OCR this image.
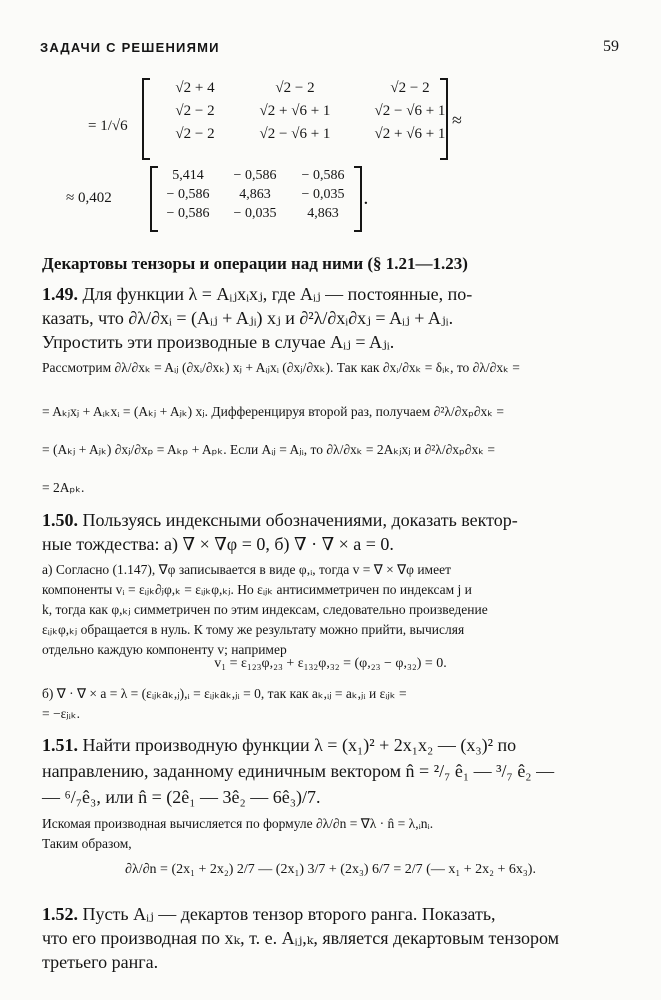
ЗАДАЧИ С РЕШЕНИЯМИ	59
= 1/√6
√2 + 4	√2 − 2	√2 − 2
√2 − 2	√2 + √6 + 1	√2 − √6 + 1
√2 − 2	√2 − √6 + 1	√2 + √6 + 1
≈
≈ 0,402
5,414	− 0,586	− 0,586
− 0,586	4,863	− 0,035
− 0,586	− 0,035	4,863
.
Декартовы тензоры и операции над ними (§ 1.21—1.23)
1.49. Для функции λ = Aᵢⱼxᵢxⱼ, где Aᵢⱼ — постоянные, по-
казать, что ∂λ/∂xᵢ = (Aᵢⱼ + Aⱼᵢ) xⱼ и ∂²λ/∂xᵢ∂xⱼ = Aᵢⱼ + Aⱼᵢ.
Упростить эти производные в случае Aᵢⱼ = Aⱼᵢ.
Рассмотрим ∂λ/∂xₖ = Aᵢⱼ (∂xᵢ/∂xₖ) xⱼ + Aᵢⱼxᵢ (∂xⱼ/∂xₖ). Так как ∂xᵢ/∂xₖ = δᵢₖ, то ∂λ/∂xₖ =
= Aₖⱼxⱼ + Aᵢₖxᵢ = (Aₖⱼ + Aⱼₖ) xⱼ. Дифференцируя второй раз, получаем ∂²λ/∂xₚ∂xₖ =
= (Aₖⱼ + Aⱼₖ) ∂xⱼ/∂xₚ = Aₖₚ + Aₚₖ. Если Aᵢⱼ = Aⱼᵢ, то ∂λ/∂xₖ = 2Aₖⱼxⱼ и ∂²λ/∂xₚ∂xₖ =
= 2Aₚₖ.
1.50. Пользуясь индексными обозначениями, доказать вектор-
ные тождества: а) ∇ × ∇φ = 0, б) ∇ · ∇ × a = 0.
а) Согласно (1.147), ∇φ записывается в виде φ,ᵢ, тогда v = ∇ × ∇φ имеет
компоненты vᵢ = εᵢⱼₖ∂ⱼφ,ₖ = εᵢⱼₖφ,ₖⱼ. Но εᵢⱼₖ антисимметричен по индексам j и
k, тогда как φ,ₖⱼ симметричен по этим индексам, следовательно произведение
εᵢⱼₖφ,ₖⱼ обращается в нуль. К тому же результату можно прийти, вычисляя
отдельно каждую компоненту v; например
v₁ = ε₁₂₃φ,₂₃ + ε₁₃₂φ,₃₂ = (φ,₂₃ − φ,₃₂) = 0.
б) ∇ · ∇ × a = λ = (εᵢⱼₖaₖ,ⱼ),ᵢ = εᵢⱼₖaₖ,ⱼᵢ = 0, так как aₖ,ᵢⱼ = aₖ,ⱼᵢ и εᵢⱼₖ =
= −εⱼᵢₖ.
1.51. Найти производную функции λ = (x₁)² + 2x₁x₂ — (x₃)² по
направлению, заданному единичным вектором n̂ = ²/₇ ê₁ — ³/₇ ê₂ —
— ⁶/₇ê₃, или n̂ = (2ê₁ — 3ê₂ — 6ê₃)/7.
Искомая производная вычисляется по формуле ∂λ/∂n = ∇λ · n̂ = λ,ᵢnᵢ.
Таким образом,
∂λ/∂n = (2x₁ + 2x₂) 2/7 — (2x₁) 3/7 + (2x₃) 6/7 = 2/7 (— x₁ + 2x₂ + 6x₃).
1.52. Пусть Aᵢⱼ — декартов тензор второго ранга. Показать,
что его производная по xₖ, т. е. Aᵢⱼ,ₖ, является декартовым тензором
третьего ранга.
